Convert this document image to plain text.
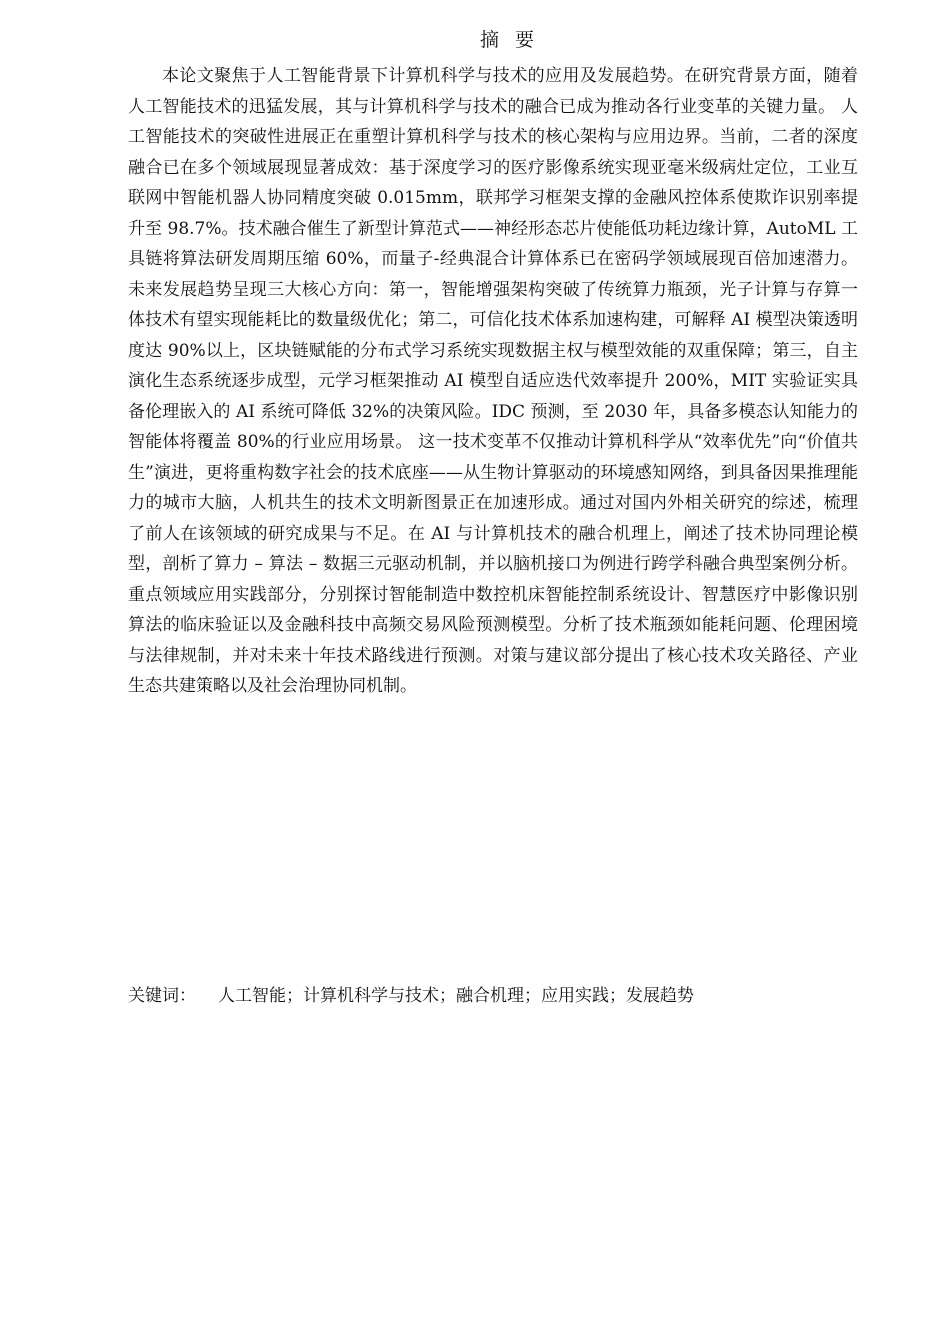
摘要

本论文聚焦于人工智能背景下计算机科学与技术的应用及发展趋势。在研究背景方面，随着人工智能技术的迅猛发展，其与计算机科学与技术的融合已成为推动各行业变革的关键力量。 人工智能技术的突破性进展正在重塑计算机科学与技术的核心架构与应用边界。当前，二者的深度融合已在多个领域展现显著成效：基于深度学习的医疗影像系统实现亚毫米级病灶定位，工业互联网中智能机器人协同精度突破 0.015mm，联邦学习框架支撑的金融风控体系使欺诈识别率提升至 98.7%。技术融合催生了新型计算范式——神经形态芯片使能低功耗边缘计算，AutoML 工具链将算法研发周期压缩 60%，而量子-经典混合计算体系已在密码学领域展现百倍加速潜力。 未来发展趋势呈现三大核心方向：第一，智能增强架构突破了传统算力瓶颈，光子计算与存算一体技术有望实现能耗比的数量级优化；第二，可信化技术体系加速构建，可解释 AI 模型决策透明度达 90%以上，区块链赋能的分布式学习系统实现数据主权与模型效能的双重保障；第三，自主演化生态系统逐步成型，元学习框架推动 AI 模型自适应迭代效率提升 200%，MIT 实验证实具备伦理嵌入的 AI 系统可降低 32%的决策风险。IDC 预测，至 2030 年，具备多模态认知能力的智能体将覆盖 80%的行业应用场景。 这一技术变革不仅推动计算机科学从“效率优先”向“价值共生”演进，更将重构数字社会的技术底座——从生物计算驱动的环境感知网络，到具备因果推理能力的城市大脑，人机共生的技术文明新图景正在加速形成。通过对国内外相关研究的综述，梳理了前人在该领域的研究成果与不足。在 AI 与计算机技术的融合机理上，阐述了技术协同理论模型，剖析了算力 – 算法 – 数据三元驱动机制，并以脑机接口为例进行跨学科融合典型案例分析。重点领域应用实践部分，分别探讨智能制造中数控机床智能控制系统设计、智慧医疗中影像识别算法的临床验证以及金融科技中高频交易风险预测模型。分析了技术瓶颈如能耗问题、伦理困境与法律规制，并对未来十年技术路线进行预测。对策与建议部分提出了核心技术攻关路径、产业生态共建策略以及社会治理协同机制。

关键词： 人工智能；计算机科学与技术；融合机理；应用实践；发展趋势
